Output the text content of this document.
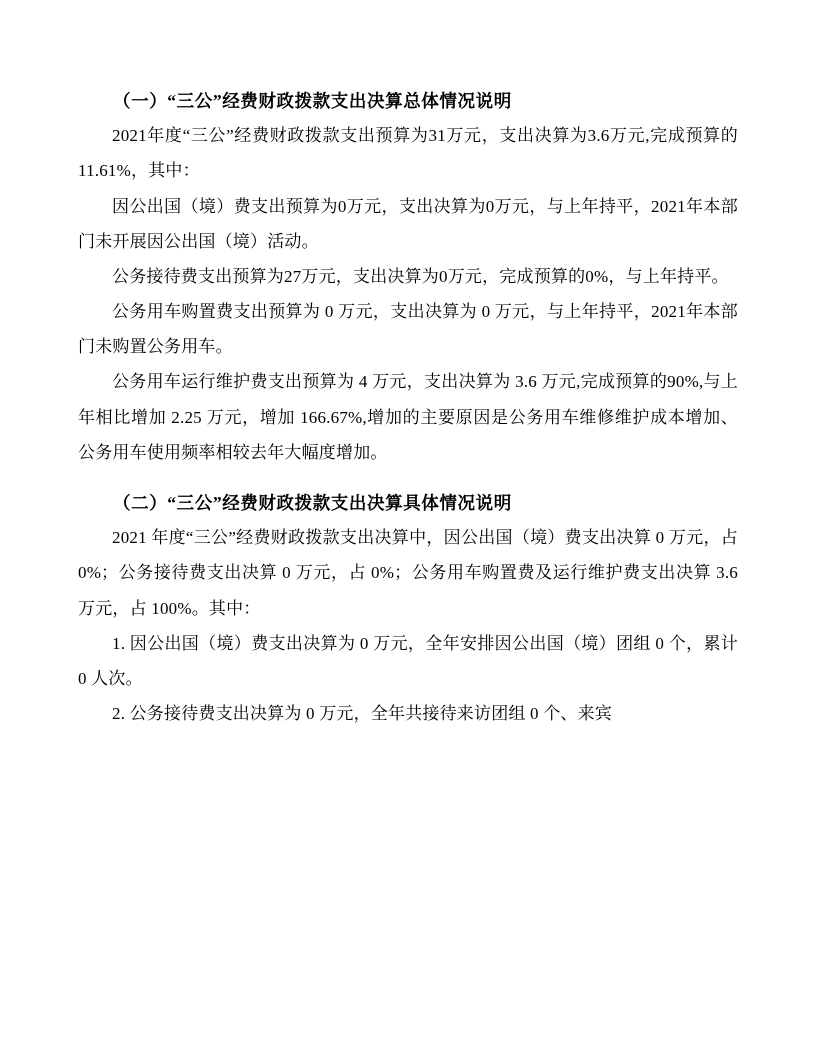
（一）“三公”经费财政拨款支出决算总体情况说明

2021年度“三公”经费财政拨款支出预算为31万元，支出决算为3.6万元,完成预算的11.61%，其中：

因公出国（境）费支出预算为0万元，支出决算为0万元，与上年持平，2021年本部门未开展因公出国（境）活动。

公务接待费支出预算为27万元，支出决算为0万元，完成预算的0%，与上年持平。

公务用车购置费支出预算为 0 万元，支出决算为 0 万元，与上年持平，2021年本部门未购置公务用车。

公务用车运行维护费支出预算为 4 万元，支出决算为 3.6 万元,完成预算的90%,与上年相比增加 2.25 万元，增加 166.67%,增加的主要原因是公务用车维修维护成本增加、公务用车使用频率相较去年大幅度增加。

（二）“三公”经费财政拨款支出决算具体情况说明

2021 年度“三公”经费财政拨款支出决算中，因公出国（境）费支出决算 0 万元，占 0%；公务接待费支出决算 0 万元，占 0%；公务用车购置费及运行维护费支出决算 3.6 万元，占 100%。其中：

1. 因公出国（境）费支出决算为 0 万元，全年安排因公出国（境）团组 0 个，累计 0 人次。

2. 公务接待费支出决算为 0 万元，全年共接待来访团组 0 个、来宾
